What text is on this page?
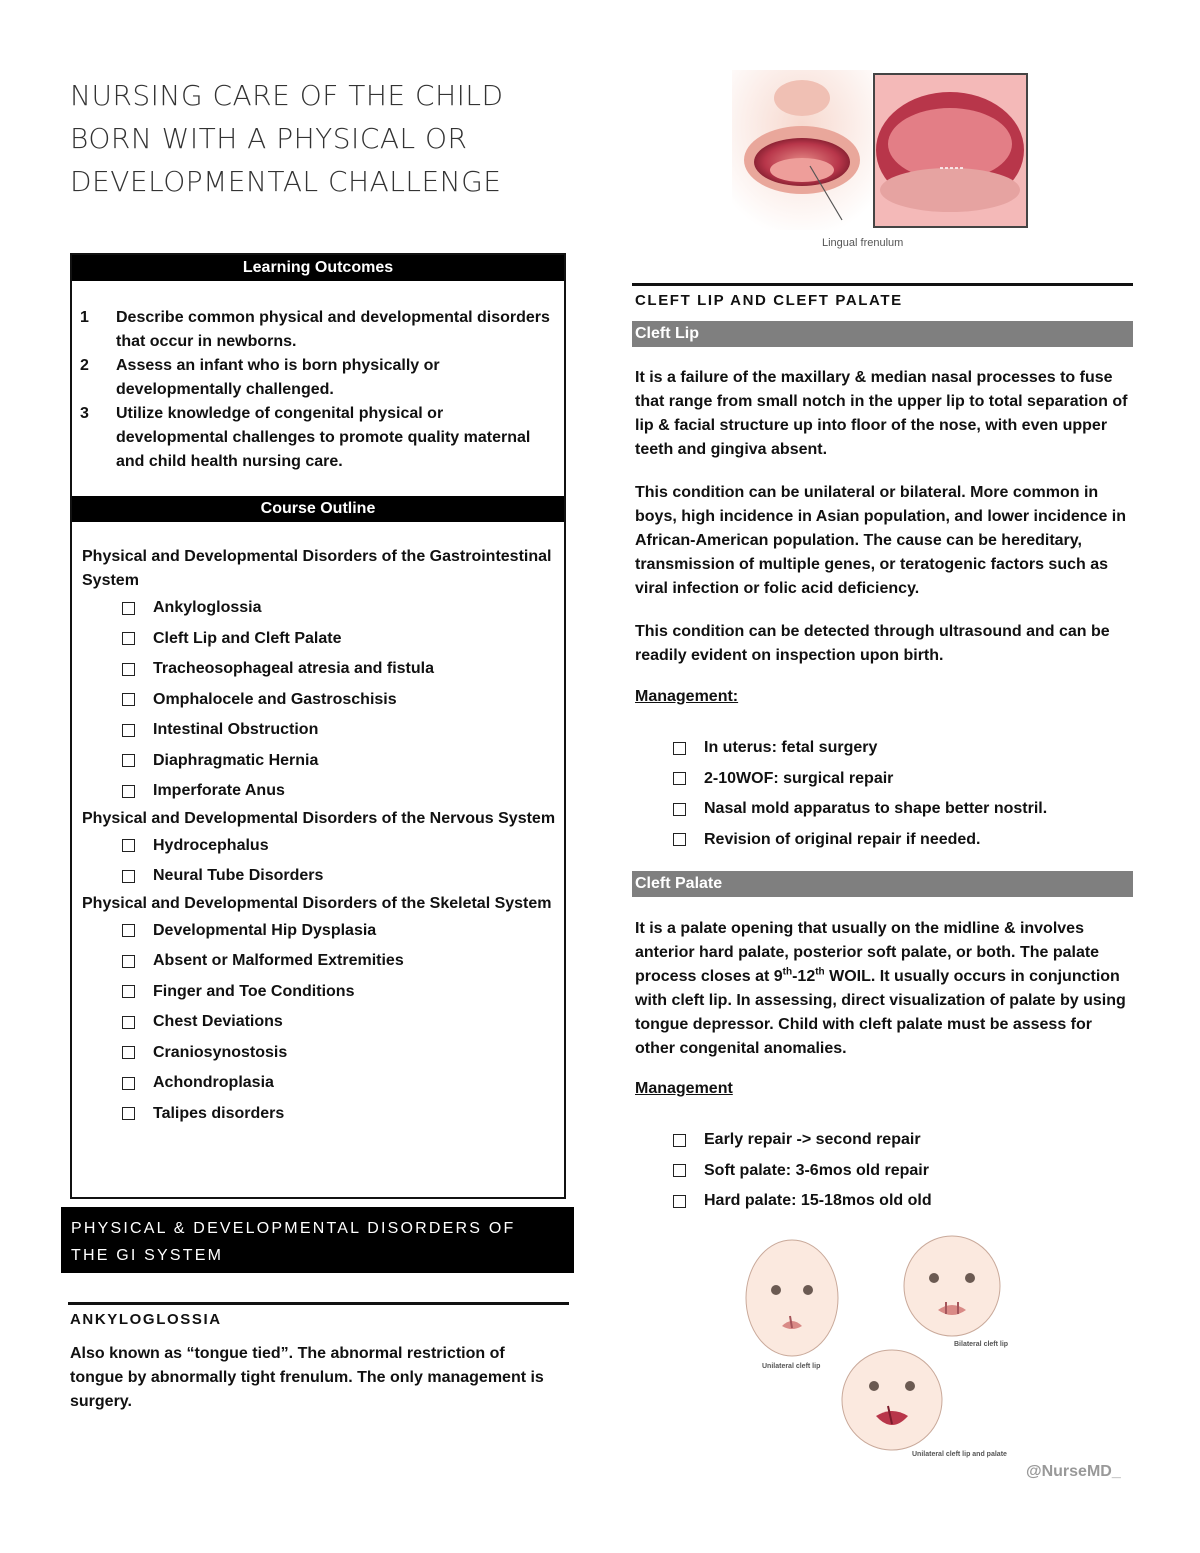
NURSING CARE OF THE CHILD
BORN WITH A PHYSICAL OR
DEVELOPMENTAL CHALLENGE
Learning Outcomes
1	Describe common physical and developmental disorders that occur in newborns.
2	Assess an infant who is born physically or developmentally challenged.
3	Utilize knowledge of congenital physical or developmental challenges to promote quality maternal and child health nursing care.
Course Outline
Physical and Developmental Disorders of the Gastrointestinal System
Ankyloglossia
Cleft Lip and Cleft Palate
Tracheosophageal atresia and fistula
Omphalocele and Gastroschisis
Intestinal Obstruction
Diaphragmatic Hernia
Imperforate Anus
Physical and Developmental Disorders of the Nervous System
Hydrocephalus
Neural Tube Disorders
Physical and Developmental Disorders of the Skeletal System
Developmental Hip Dysplasia
Absent or Malformed Extremities
Finger and Toe Conditions
Chest Deviations
Craniosynostosis
Achondroplasia
Talipes disorders
PHYSICAL & DEVELOPMENTAL DISORDERS OF
THE GI SYSTEM
ANKYLOGLOSSIA
Also known as “tongue tied”. The abnormal restriction of tongue by abnormally tight frenulum. The only management is surgery.
Lingual frenulum
CLEFT LIP AND CLEFT PALATE
Cleft Lip
It is a failure of the maxillary & median nasal processes to fuse that range from small notch in the upper lip to total separation of lip & facial structure up into floor of the nose, with even upper teeth and gingiva absent.
This condition can be unilateral or bilateral. More common in boys, high incidence in Asian population, and lower incidence in African-American population. The cause can be hereditary, transmission of multiple genes, or teratogenic factors such as viral infection or folic acid deficiency.
This condition can be detected through ultrasound and can be readily evident on inspection upon birth.
Management:
In uterus: fetal surgery
2-10WOF: surgical repair
Nasal mold apparatus to shape better nostril.
Revision of original repair if needed.
Cleft Palate
It is a palate opening that usually on the midline & involves anterior hard palate, posterior soft palate, or both. The palate process closes at 9th-12th WOIL. It usually occurs in conjunction with cleft lip. In assessing, direct visualization of palate by using tongue depressor. Child with cleft palate must be assess for other congenital anomalies.
Management
Early repair -> second repair
Soft palate: 3-6mos old repair
Hard palate: 15-18mos old old
Unilateral cleft lip
Bilateral cleft lip
Unilateral cleft lip and palate
@NurseMD_
